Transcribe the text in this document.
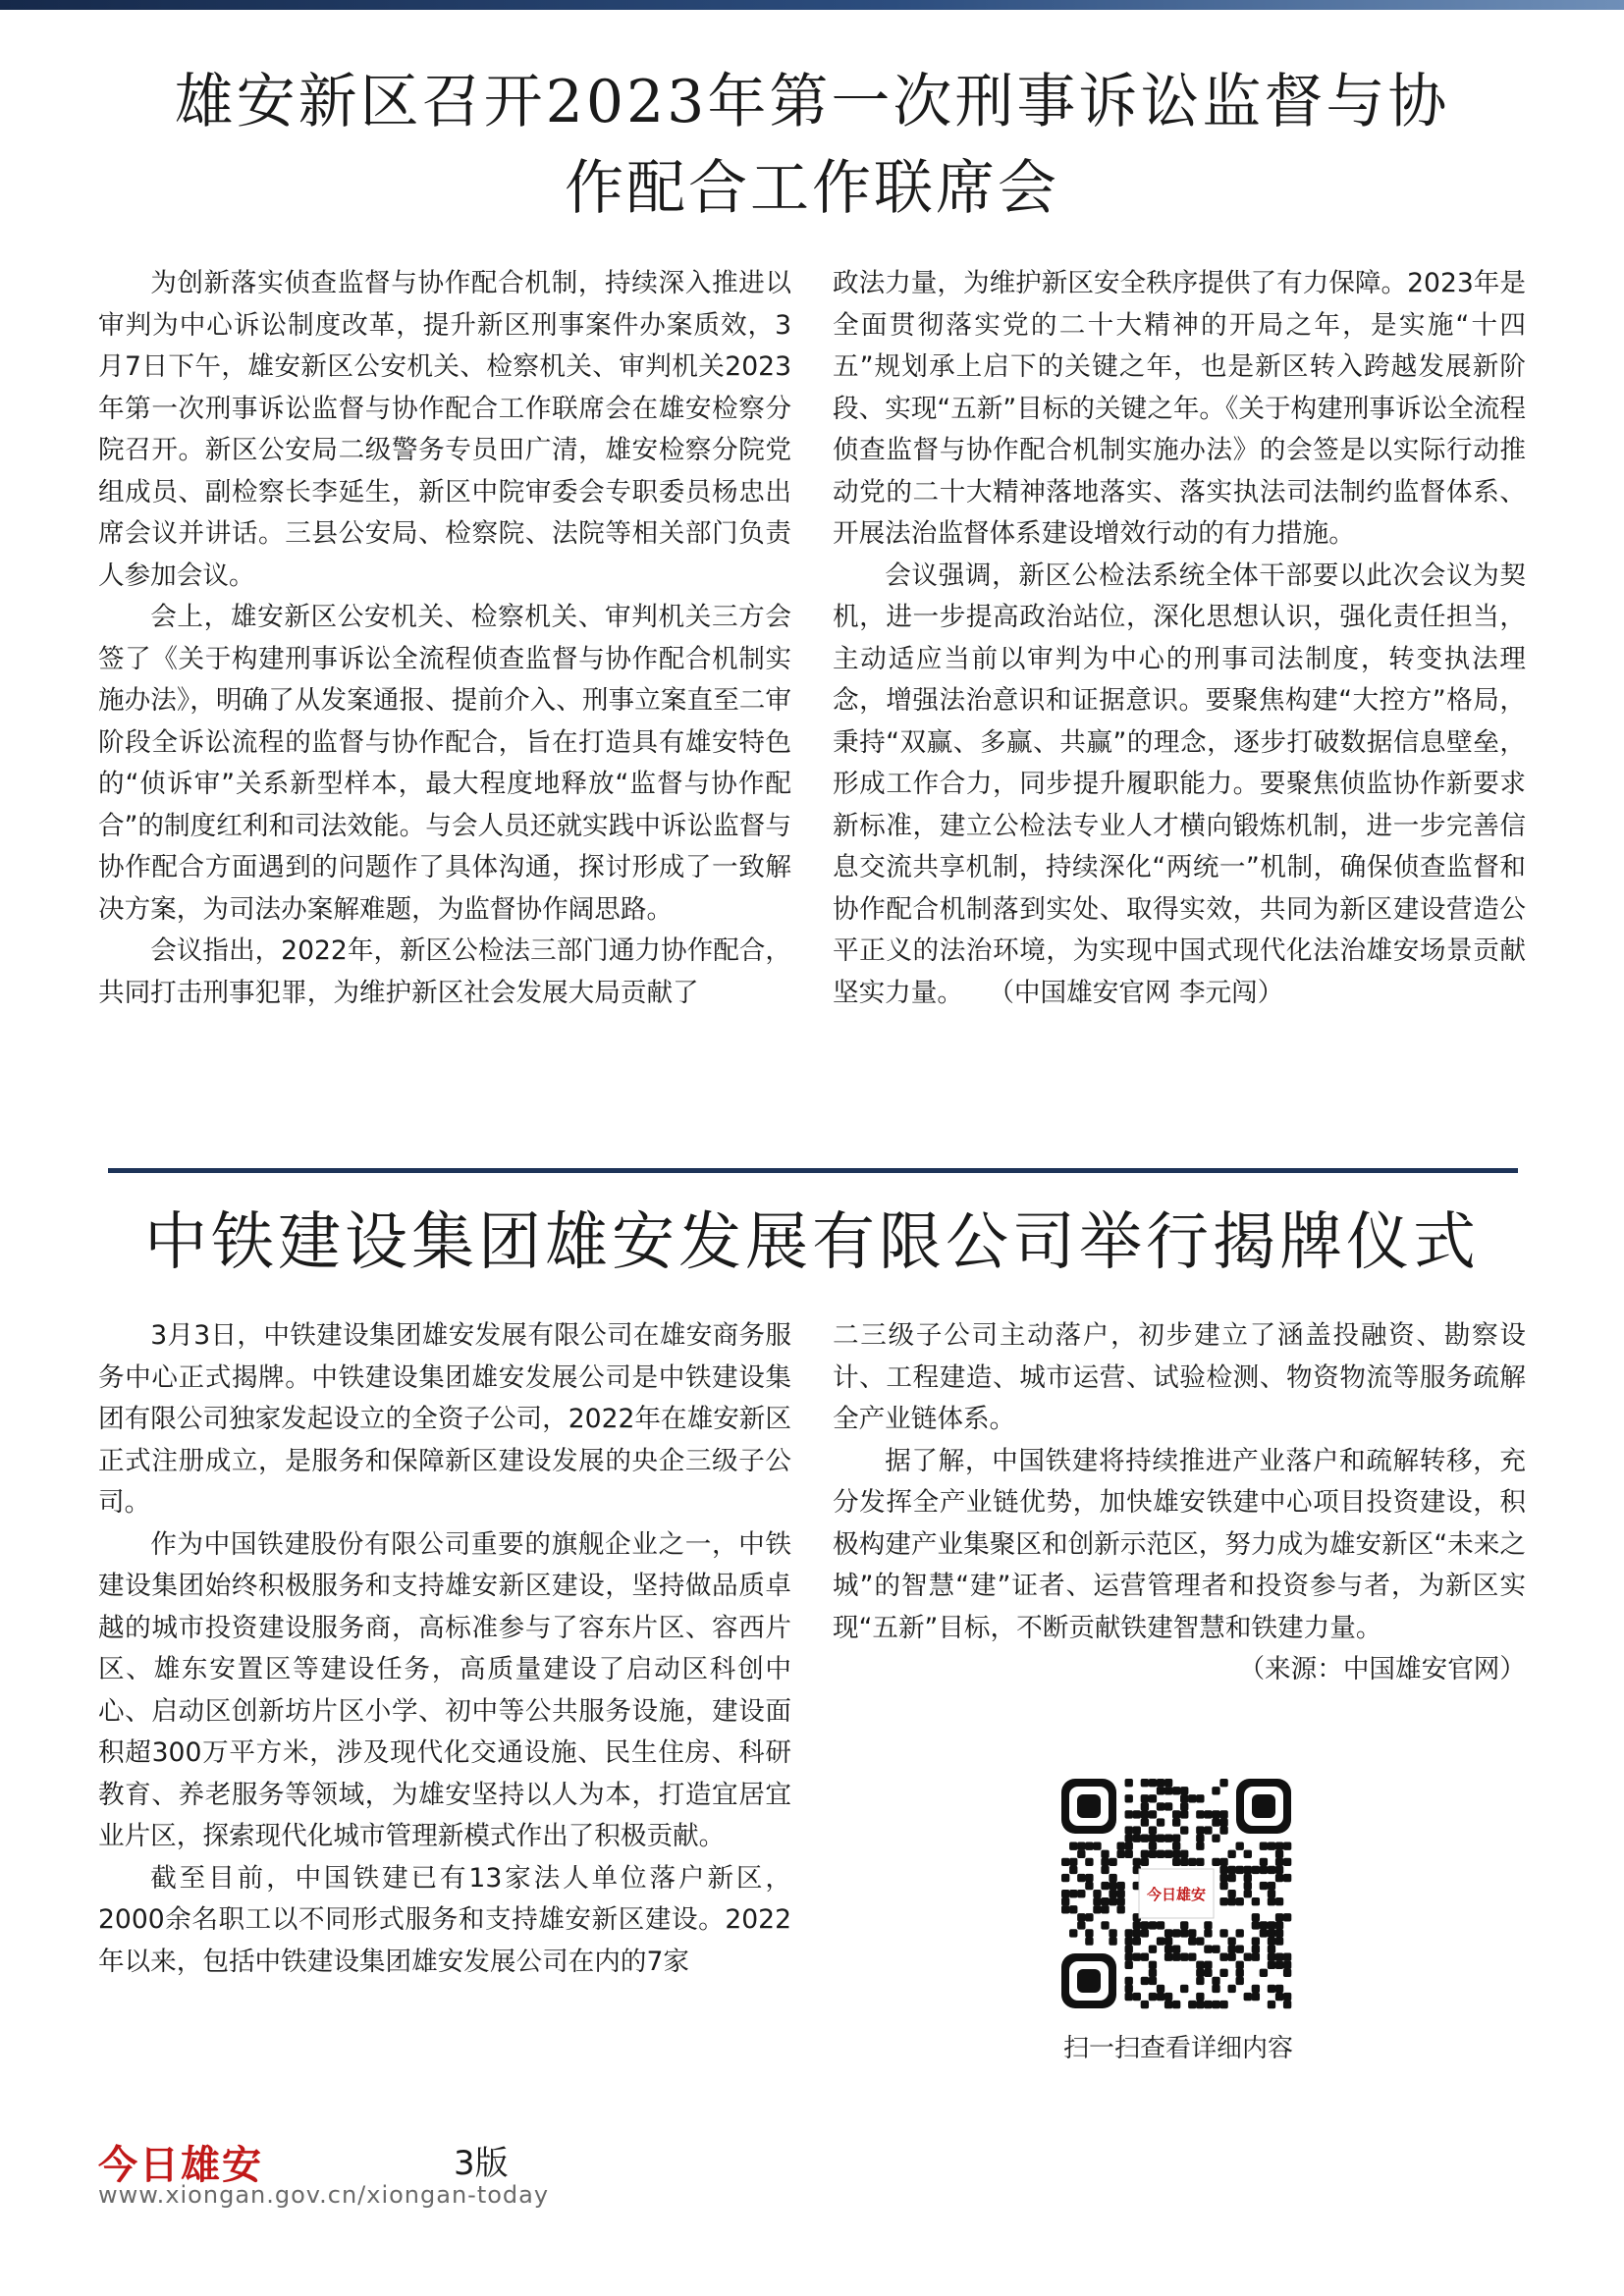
雄安新区召开2023年第一次刑事诉讼监督与协
作配合工作联席会

为创新落实侦查监督与协作配合机制，持续深入推进以审判为中心诉讼制度改革，提升新区刑事案件办案质效，3月7日下午，雄安新区公安机关、检察机关、审判机关2023年第一次刑事诉讼监督与协作配合工作联席会在雄安检察分院召开。新区公安局二级警务专员田广清，雄安检察分院党组成员、副检察长李延生，新区中院审委会专职委员杨忠出席会议并讲话。三县公安局、检察院、法院等相关部门负责人参加会议。

会上，雄安新区公安机关、检察机关、审判机关三方会签了《关于构建刑事诉讼全流程侦查监督与协作配合机制实施办法》，明确了从发案通报、提前介入、刑事立案直至二审阶段全诉讼流程的监督与协作配合，旨在打造具有雄安特色的“侦诉审”关系新型样本，最大程度地释放“监督与协作配合”的制度红利和司法效能。与会人员还就实践中诉讼监督与协作配合方面遇到的问题作了具体沟通，探讨形成了一致解决方案，为司法办案解难题，为监督协作阔思路。

会议指出，2022年，新区公检法三部门通力协作配合，共同打击刑事犯罪，为维护新区社会发展大局贡献了

政法力量，为维护新区安全秩序提供了有力保障。2023年是全面贯彻落实党的二十大精神的开局之年，是实施“十四五”规划承上启下的关键之年，也是新区转入跨越发展新阶段、实现“五新”目标的关键之年。《关于构建刑事诉讼全流程侦查监督与协作配合机制实施办法》的会签是以实际行动推动党的二十大精神落地落实、落实执法司法制约监督体系、开展法治监督体系建设增效行动的有力措施。

会议强调，新区公检法系统全体干部要以此次会议为契机，进一步提高政治站位，深化思想认识，强化责任担当，主动适应当前以审判为中心的刑事司法制度，转变执法理念，增强法治意识和证据意识。要聚焦构建“大控方”格局，秉持“双赢、多赢、共赢”的理念，逐步打破数据信息壁垒，形成工作合力，同步提升履职能力。要聚焦侦监协作新要求新标准，建立公检法专业人才横向锻炼机制，进一步完善信息交流共享机制，持续深化“两统一”机制，确保侦查监督和协作配合机制落到实处、取得实效，共同为新区建设营造公平正义的法治环境，为实现中国式现代化法治雄安场景贡献坚实力量。 （中国雄安官网 李元闯）

中铁建设集团雄安发展有限公司举行揭牌仪式

3月3日，中铁建设集团雄安发展有限公司在雄安商务服务中心正式揭牌。中铁建设集团雄安发展公司是中铁建设集团有限公司独家发起设立的全资子公司，2022年在雄安新区正式注册成立，是服务和保障新区建设发展的央企三级子公司。

作为中国铁建股份有限公司重要的旗舰企业之一，中铁建设集团始终积极服务和支持雄安新区建设，坚持做品质卓越的城市投资建设服务商，高标准参与了容东片区、容西片区、雄东安置区等建设任务，高质量建设了启动区科创中心、启动区创新坊片区小学、初中等公共服务设施，建设面积超300万平方米，涉及现代化交通设施、民生住房、科研教育、养老服务等领域，为雄安坚持以人为本，打造宜居宜业片区，探索现代化城市管理新模式作出了积极贡献。

截至目前，中国铁建已有13家法人单位落户新区，2000余名职工以不同形式服务和支持雄安新区建设。2022年以来，包括中铁建设集团雄安发展公司在内的7家

二三级子公司主动落户，初步建立了涵盖投融资、勘察设计、工程建造、城市运营、试验检测、物资物流等服务疏解全产业链体系。

据了解，中国铁建将持续推进产业落户和疏解转移，充分发挥全产业链优势，加快雄安铁建中心项目投资建设，积极构建产业集聚区和创新示范区，努力成为雄安新区“未来之城”的智慧“建”证者、运营管理者和投资参与者，为新区实现“五新”目标，不断贡献铁建智慧和铁建力量。

（来源：中国雄安官网）

今日雄安
扫一扫查看详细内容
今日雄安	3版
www.xiongan.gov.cn/xiongan-today
